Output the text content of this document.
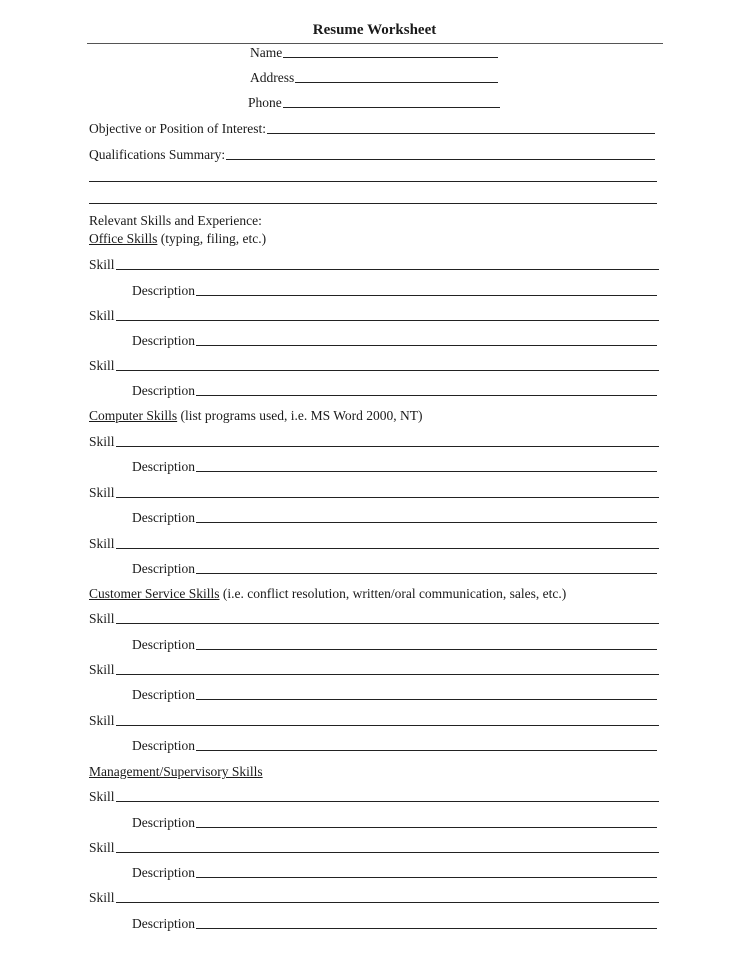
Resume Worksheet
Name
Address
Phone
Objective or Position of Interest:
Qualifications Summary:
Relevant Skills and Experience:
Office Skills (typing, filing, etc.)
Skill
Description
Skill
Description
Skill
Description
Computer Skills (list programs used, i.e. MS Word 2000, NT)
Skill
Description
Skill
Description
Skill
Description
Customer Service Skills (i.e. conflict resolution, written/oral communication, sales, etc.)
Skill
Description
Skill
Description
Skill
Description
Management/Supervisory Skills
Skill
Description
Skill
Description
Skill
Description
